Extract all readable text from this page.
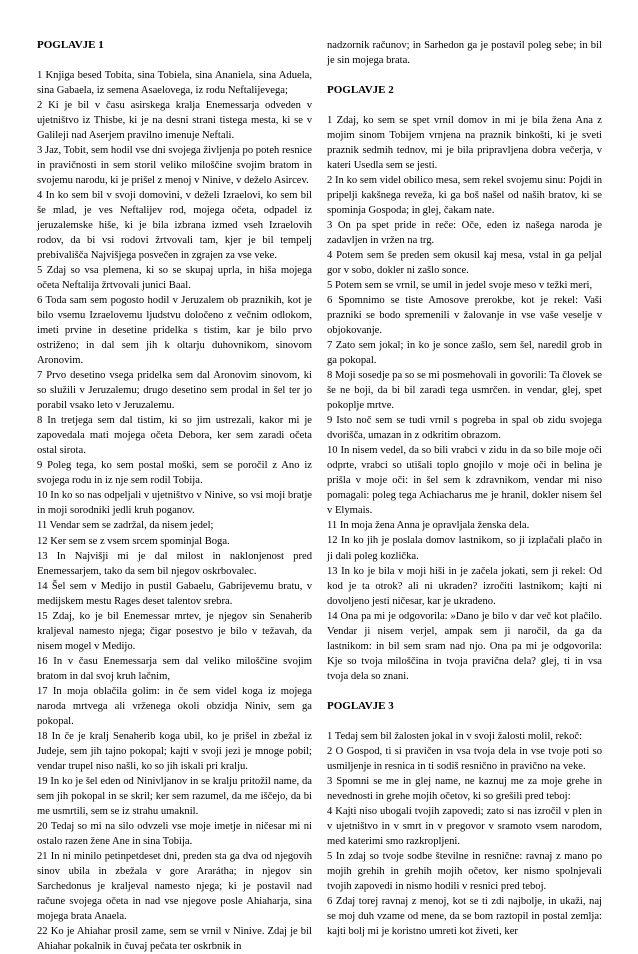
POGLAVJE 1

1 Knjiga besed Tobita, sina Tobiela, sina Ananiela, sina Aduela, sina Gabaela, iz semena Asaelovega, iz rodu Neftalijevega;

2 Ki je bil v času asirskega kralja Enemessarja odveden v ujetništvo iz Thisbe, ki je na desni strani tistega mesta, ki se v Galileji nad Aserjem pravilno imenuje Neftali.

3 Jaz, Tobit, sem hodil vse dni svojega življenja po poteh resnice in pravičnosti in sem storil veliko miloščine svojim bratom in svojemu narodu, ki je prišel z menoj v Ninive, v deželo Asircev.

4 In ko sem bil v svoji domovini, v deželi Izraelovi, ko sem bil še mlad, je ves Neftalijev rod, mojega očeta, odpadel iz jeruzalemske hiše, ki je bila izbrana izmed vseh Izraelovih rodov, da bi vsi rodovi žrtvovali tam, kjer je bil tempelj prebivališča Najvišjega posvečen in zgrajen za vse veke.

5 Zdaj so vsa plemena, ki so se skupaj uprla, in hiša mojega očeta Neftalija žrtvovali junici Baal.

6 Toda sam sem pogosto hodil v Jeruzalem ob praznikih, kot je bilo vsemu Izraelovemu ljudstvu določeno z večnim odlokom, imeti prvine in desetine pridelka s tistim, kar je bilo prvo ostriženo; in dal sem jih k oltarju duhovnikom, sinovom Aronovim.

7 Prvo desetino vsega pridelka sem dal Aronovim sinovom, ki so služili v Jeruzalemu; drugo desetino sem prodal in šel ter jo porabil vsako leto v Jeruzalemu.

8 In tretjega sem dal tistim, ki so jim ustrezali, kakor mi je zapovedala mati mojega očeta Debora, ker sem zaradi očeta ostal sirota.

9 Poleg tega, ko sem postal moški, sem se poročil z Ano iz svojega rodu in iz nje sem rodil Tobija.

10 In ko so nas odpeljali v ujetništvo v Ninive, so vsi moji bratje in moji sorodniki jedli kruh poganov.

11 Vendar sem se zadržal, da nisem jedel;

12 Ker sem se z vsem srcem spominjal Boga.

13 In Najvišji mi je dal milost in naklonjenost pred Enemessarjem, tako da sem bil njegov oskrbovalec.

14 Šel sem v Medijo in pustil Gabaelu, Gabrijevemu bratu, v medijskem mestu Rages deset talentov srebra.

15 Zdaj, ko je bil Enemessar mrtev, je njegov sin Senaherib kraljeval namesto njega; čigar posestvo je bilo v težavah, da nisem mogel v Medijo.

16 In v času Enemessarja sem dal veliko miloščine svojim bratom in dal svoj kruh lačnim,

17 In moja oblačila golim: in če sem videl koga iz mojega naroda mrtvega ali vrženega okoli obzidja Niniv, sem ga pokopal.

18 In če je kralj Senaherib koga ubil, ko je prišel in zbežal iz Judeje, sem jih tajno pokopal; kajti v svoji jezi je mnoge pobil; vendar trupel niso našli, ko so jih iskali pri kralju.

19 In ko je šel eden od Ninivljanov in se kralju pritožil name, da sem jih pokopal in se skril; ker sem razumel, da me iščejo, da bi me usmrtili, sem se iz strahu umaknil.

20 Tedaj so mi na silo odvzeli vse moje imetje in ničesar mi ni ostalo razen žene Ane in sina Tobija.

21 In ni minilo petinpetdeset dni, preden sta ga dva od njegovih sinov ubila in zbežala v gore Ararátha; in njegov sin Sarchedonus je kraljeval namesto njega; ki je postavil nad račune svojega očeta in nad vse njegove posle Ahiaharja, sina mojega brata Anaela.

22 Ko je Ahiahar prosil zame, sem se vrnil v Ninive. Zdaj je bil Ahiahar pokalnik in čuvaj pečata ter oskrbnik in

nadzornik računov; in Sarhedon ga je postavil poleg sebe; in bil je sin mojega brata.

POGLAVJE 2

1 Zdaj, ko sem se spet vrnil domov in mi je bila žena Ana z mojim sinom Tobijem vrnjena na praznik binkošti, ki je sveti praznik sedmih tednov, mi je bila pripravljena dobra večerja, v kateri Usedla sem se jesti.

2 In ko sem videl obilico mesa, sem rekel svojemu sinu: Pojdi in pripelji kakšnega reveža, ki ga boš našel od naših bratov, ki se spominja Gospoda; in glej, čakam nate.

3 On pa spet pride in reče: Oče, eden iz našega naroda je zadavljen in vržen na trg.

4 Potem sem še preden sem okusil kaj mesa, vstal in ga peljal gor v sobo, dokler ni zašlo sonce.

5 Potem sem se vrnil, se umil in jedel svoje meso v težki meri,

6 Spomnimo se tiste Amosove prerokbe, kot je rekel: Vaši prazniki se bodo spremenili v žalovanje in vse vaše veselje v objokovanje.

7 Zato sem jokal; in ko je sonce zašlo, sem šel, naredil grob in ga pokopal.

8 Moji sosedje pa so se mi posmehovali in govorili: Ta človek se še ne boji, da bi bil zaradi tega usmrčen. in vendar, glej, spet pokoplje mrtve.

9 Isto noč sem se tudi vrnil s pogreba in spal ob zidu svojega dvorišča, umazan in z odkritim obrazom.

10 In nisem vedel, da so bili vrabci v zidu in da so bile moje oči odprte, vrabci so utišali toplo gnojilo v moje oči in belina je prišla v moje oči: in šel sem k zdravnikom, vendar mi niso pomagali: poleg tega Achiacharus me je hranil, dokler nisem šel v Elymais.

11 In moja žena Anna je opravljala ženska dela.

12 In ko jih je poslala domov lastnikom, so ji izplačali plačo in ji dali poleg kozlička.

13 In ko je bila v moji hiši in je začela jokati, sem ji rekel: Od kod je ta otrok? ali ni ukraden? izročiti lastnikom; kajti ni dovoljeno jesti ničesar, kar je ukradeno.

14 Ona pa mi je odgovorila: »Dano je bilo v dar več kot plačilo. Vendar ji nisem verjel, ampak sem ji naročil, da ga da lastnikom: in bil sem sram nad njo. Ona pa mi je odgovorila: Kje so tvoja miloščina in tvoja pravična dela? glej, ti in vsa tvoja dela so znani.

POGLAVJE 3

1 Tedaj sem bil žalosten jokal in v svoji žalosti molil, rekoč:

2 O Gospod, ti si pravičen in vsa tvoja dela in vse tvoje poti so usmiljenje in resnica in ti sodiš resnično in pravično na veke.

3 Spomni se me in glej name, ne kaznuj me za moje grehe in nevednosti in grehe mojih očetov, ki so grešili pred teboj:

4 Kajti niso ubogali tvojih zapovedi; zato si nas izročil v plen in v ujetništvo in v smrt in v pregovor v sramoto vsem narodom, med katerimi smo razkropljeni.

5 In zdaj so tvoje sodbe številne in resnične: ravnaj z mano po mojih grehih in grehih mojih očetov, ker nismo spolnjevali tvojih zapovedi in nismo hodili v resnici pred teboj.

6 Zdaj torej ravnaj z menoj, kot se ti zdi najbolje, in ukaži, naj se moj duh vzame od mene, da se bom raztopil in postal zemlja: kajti bolj mi je koristno umreti kot živeti, ker
